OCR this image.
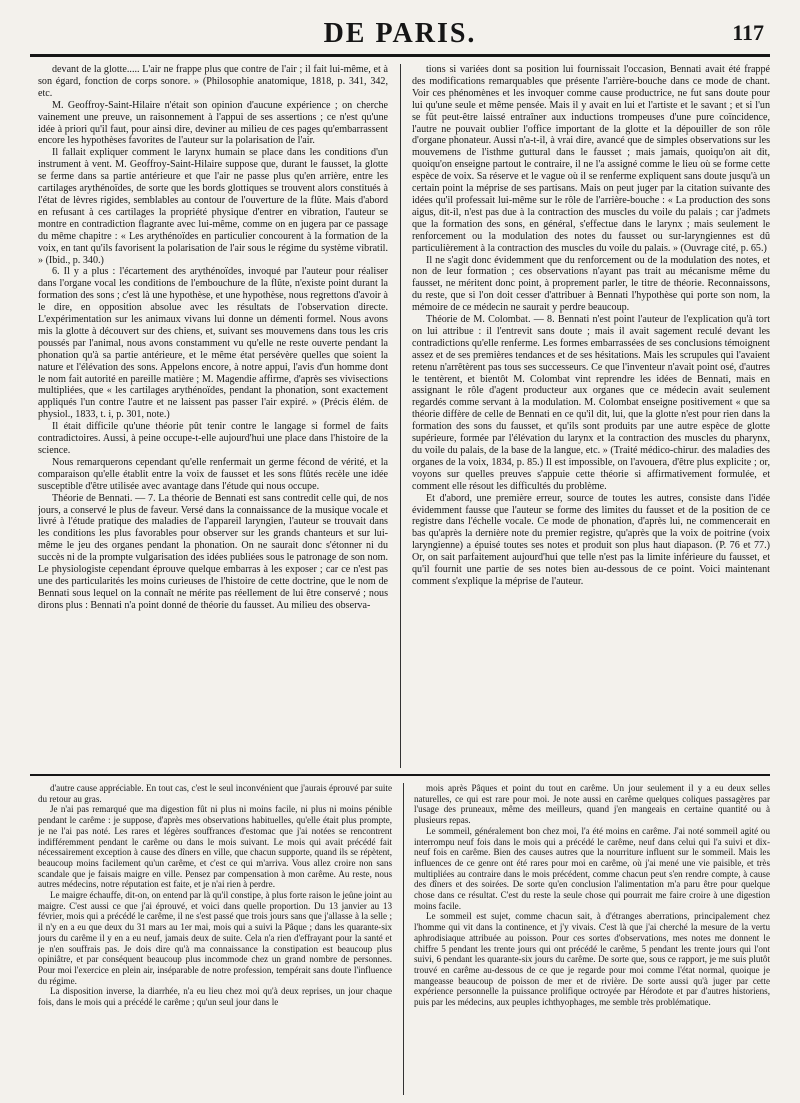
DE PARIS.	117

devant de la glotte..... L'air ne frappe plus que contre de l'air ; il fait lui-même, et à son égard, fonction de corps sonore. » (Philosophie anatomique, 1818, p. 341, 342, etc.

M. Geoffroy-Saint-Hilaire n'était son opinion d'aucune expérience ; on cherche vainement une preuve, un raisonnement à l'appui de ses assertions ; ce n'est qu'une idée à priori qu'il faut, pour ainsi dire, deviner au milieu de ces pages qu'embarrassent encore les hypothèses favorites de l'auteur sur la polarisation de l'air.

Il fallait expliquer comment le larynx humain se place dans les conditions d'un instrument à vent. M. Geoffroy-Saint-Hilaire suppose que, durant le fausset, la glotte se ferme dans sa partie antérieure et que l'air ne passe plus qu'en arrière, entre les cartilages arythénoïdes, de sorte que les bords glottiques se trouvent alors constitués à l'état de lèvres rigides, semblables au contour de l'ouverture de la flûte. Mais d'abord en refusant à ces cartilages la propriété physique d'entrer en vibration, l'auteur se montre en contradiction flagrante avec lui-même, comme on en jugera par ce passage du même chapitre : « Les arythénoïdes en particulier concourent à la formation de la voix, en tant qu'ils favorisent la polarisation de l'air sous le régime du système vibratil. » (Ibid., p. 340.)

6. Il y a plus : l'écartement des arythénoïdes, invoqué par l'auteur pour réaliser dans l'organe vocal les conditions de l'embouchure de la flûte, n'existe point durant la formation des sons ; c'est là une hypothèse, et une hypothèse, nous regrettons d'avoir à le dire, en opposition absolue avec les résultats de l'observation directe. L'expérimentation sur les animaux vivans lui donne un démenti formel. Nous avons mis la glotte à découvert sur des chiens, et, suivant ses mouvemens dans tous les cris poussés par l'animal, nous avons constamment vu qu'elle ne reste ouverte pendant la phonation qu'à sa partie antérieure, et le même état persévère quelles que soient la nature et l'élévation des sons. Appelons encore, à notre appui, l'avis d'un homme dont le nom fait autorité en pareille matière ; M. Magendie affirme, d'après ses vivisections multipliées, que « les cartilages arythénoïdes, pendant la phonation, sont exactement appliqués l'un contre l'autre et ne laissent pas passer l'air expiré. » (Précis élém. de physiol., 1833, t. i, p. 301, note.)

Il était difficile qu'une théorie pût tenir contre le langage si formel de faits contradictoires. Aussi, à peine occupe-t-elle aujourd'hui une place dans l'histoire de la science.

Nous remarquerons cependant qu'elle renfermait un germe fécond de vérité, et la comparaison qu'elle établit entre la voix de fausset et les sons flûtés recèle une idée susceptible d'être utilisée avec avantage dans l'étude qui nous occupe.

Théorie de Bennati. — 7. La théorie de Bennati est sans contredit celle qui, de nos jours, a conservé le plus de faveur. Versé dans la connaissance de la musique vocale et livré à l'étude pratique des maladies de l'appareil laryngien, l'auteur se trouvait dans les conditions les plus favorables pour observer sur les grands chanteurs et sur lui-même le jeu des organes pendant la phonation. On ne saurait donc s'étonner ni du succès ni de la prompte vulgarisation des idées publiées sous le patronage de son nom. Le physiologiste cependant éprouve quelque embarras à les exposer ; car ce n'est pas une des particularités les moins curieuses de l'histoire de cette doctrine, que le nom de Bennati sous lequel on la connaît ne mérite pas réellement de lui être conservé ; nous dirons plus : Bennati n'a point donné de théorie du fausset. Au milieu des observa-

tions si variées dont sa position lui fournissait l'occasion, Bennati avait été frappé des modifications remarquables que présente l'arrière-bouche dans ce mode de chant. Voir ces phénomènes et les invoquer comme cause productrice, ne fut sans doute pour lui qu'une seule et même pensée. Mais il y avait en lui et l'artiste et le savant ; et si l'un se fût peut-être laissé entraîner aux inductions trompeuses d'une pure coïncidence, l'autre ne pouvait oublier l'office important de la glotte et la dépouiller de son rôle d'organe phonateur. Aussi n'a-t-il, à vrai dire, avancé que de simples observations sur les mouvemens de l'isthme guttural dans le fausset ; mais jamais, quoiqu'on ait dit, quoiqu'on enseigne partout le contraire, il ne l'a assigné comme le lieu où se forme cette espèce de voix. Sa réserve et le vague où il se renferme expliquent sans doute jusqu'à un certain point la méprise de ses partisans. Mais on peut juger par la citation suivante des idées qu'il professait lui-même sur le rôle de l'arrière-bouche : « La production des sons aigus, dit-il, n'est pas due à la contraction des muscles du voile du palais ; car j'admets que la formation des sons, en général, s'effectue dans le larynx ; mais seulement le renforcement ou la modulation des notes du fausset ou sur-laryngiennes est dû particulièrement à la contraction des muscles du voile du palais. » (Ouvrage cité, p. 65.)

Il ne s'agit donc évidemment que du renforcement ou de la modulation des notes, et non de leur formation ; ces observations n'ayant pas trait au mécanisme même du fausset, ne méritent donc point, à proprement parler, le titre de théorie. Reconnaissons, du reste, que si l'on doit cesser d'attribuer à Bennati l'hypothèse qui porte son nom, la mémoire de ce médecin ne saurait y perdre beaucoup.

Théorie de M. Colombat. — 8. Bennati n'est point l'auteur de l'explication qu'à tort on lui attribue : il l'entrevit sans doute ; mais il avait sagement reculé devant les contradictions qu'elle renferme. Les formes embarrassées de ses conclusions témoignent assez et de ses premières tendances et de ses hésitations. Mais les scrupules qui l'avaient retenu n'arrêtèrent pas tous ses successeurs. Ce que l'inventeur n'avait point osé, d'autres le tentèrent, et bientôt M. Colombat vint reprendre les idées de Bennati, mais en assignant le rôle d'agent producteur aux organes que ce médecin avait seulement regardés comme servant à la modulation. M. Colombat enseigne positivement « que sa théorie diffère de celle de Bennati en ce qu'il dit, lui, que la glotte n'est pour rien dans la formation des sons du fausset, et qu'ils sont produits par une autre espèce de glotte supérieure, formée par l'élévation du larynx et la contraction des muscles du pharynx, du voile du palais, de la base de la langue, etc. » (Traité médico-chirur. des maladies des organes de la voix, 1834, p. 85.) Il est impossible, on l'avouera, d'être plus explicite ; or, voyons sur quelles preuves s'appuie cette théorie si affirmativement formulée, et comment elle résout les difficultés du problème.

Et d'abord, une première erreur, source de toutes les autres, consiste dans l'idée évidemment fausse que l'auteur se forme des limites du fausset et de la position de ce registre dans l'échelle vocale. Ce mode de phonation, d'après lui, ne commencerait en bas qu'après la dernière note du premier registre, qu'après que la voix de poitrine (voix laryngienne) a épuisé toutes ses notes et produit son plus haut diapason. (P. 76 et 77.) Or, on sait parfaitement aujourd'hui que telle n'est pas la limite inférieure du fausset, et qu'il fournit une partie de ses notes bien au-dessous de ce point. Voici maintenant comment s'explique la méprise de l'auteur.

d'autre cause appréciable. En tout cas, c'est le seul inconvénient que j'aurais éprouvé par suite du retour au gras.

Je n'ai pas remarqué que ma digestion fût ni plus ni moins facile, ni plus ni moins pénible pendant le carême : je suppose, d'après mes observations habituelles, qu'elle était plus prompte, je ne l'ai pas noté. Les rares et légères souffrances d'estomac que j'ai notées se rencontrent indifféremment pendant le carême ou dans le mois suivant. Le mois qui avait précédé fait nécessairement exception à cause des dîners en ville, que chacun supporte, quand ils se répètent, beaucoup moins facilement qu'un carême, et c'est ce qui m'arriva. Vous allez croire non sans scandale que je faisais maigre en ville. Pensez par compensation à mon carême. Au reste, nous autres médecins, notre réputation est faite, et je n'ai rien à perdre.

Le maigre échauffe, dit-on, on entend par là qu'il constipe, à plus forte raison le jeûne joint au maigre. C'est aussi ce que j'ai éprouvé, et voici dans quelle proportion. Du 13 janvier au 13 février, mois qui a précédé le carême, il ne s'est passé que trois jours sans que j'allasse à la selle ; il n'y en a eu que deux du 31 mars au 1er mai, mois qui a suivi la Pâque ; dans les quarante-six jours du carême il y en a eu neuf, jamais deux de suite. Cela n'a rien d'effrayant pour la santé et je n'en souffrais pas. Je dois dire qu'à ma connaissance la constipation est beaucoup plus opiniâtre, et par conséquent beaucoup plus incommode chez un grand nombre de personnes. Pour moi l'exercice en plein air, inséparable de notre profession, tempérait sans doute l'influence du régime.

La disposition inverse, la diarrhée, n'a eu lieu chez moi qu'à deux reprises, un jour chaque fois, dans le mois qui a précédé le carême ; qu'un seul jour dans le

mois après Pâques et point du tout en carême. Un jour seulement il y a eu deux selles naturelles, ce qui est rare pour moi. Je note aussi en carême quelques coliques passagères par l'usage des pruneaux, même des meilleurs, quand j'en mangeais en certaine quantité ou à plusieurs repas.

Le sommeil, généralement bon chez moi, l'a été moins en carême. J'ai noté sommeil agité ou interrompu neuf fois dans le mois qui a précédé le carême, neuf dans celui qui l'a suivi et dix-neuf fois en carême. Bien des causes autres que la nourriture influent sur le sommeil. Mais les influences de ce genre ont été rares pour moi en carême, où j'ai mené une vie paisible, et très multipliées au contraire dans le mois précédent, comme chacun peut s'en rendre compte, à cause des dîners et des soirées. De sorte qu'en conclusion l'alimentation m'a paru être pour quelque chose dans ce résultat. C'est du reste la seule chose qui pourrait me faire croire à une digestion moins facile.

Le sommeil est sujet, comme chacun sait, à d'étranges aberrations, principalement chez l'homme qui vit dans la continence, et j'y vivais. C'est là que j'ai cherché la mesure de la vertu aphrodisiaque attribuée au poisson. Pour ces sortes d'observations, mes notes me donnent le chiffre 5 pendant les trente jours qui ont précédé le carême, 5 pendant les trente jours qui l'ont suivi, 6 pendant les quarante-six jours du carême. De sorte que, sous ce rapport, je me suis plutôt trouvé en carême au-dessous de ce que je regarde pour moi comme l'état normal, quoique je mangeasse beaucoup de poisson de mer et de rivière. De sorte aussi qu'à juger par cette expérience personnelle la puissance prolifique octroyée par Hérodote et par d'autres historiens, puis par les médecins, aux peuples ichthyophages, me semble très problématique.
